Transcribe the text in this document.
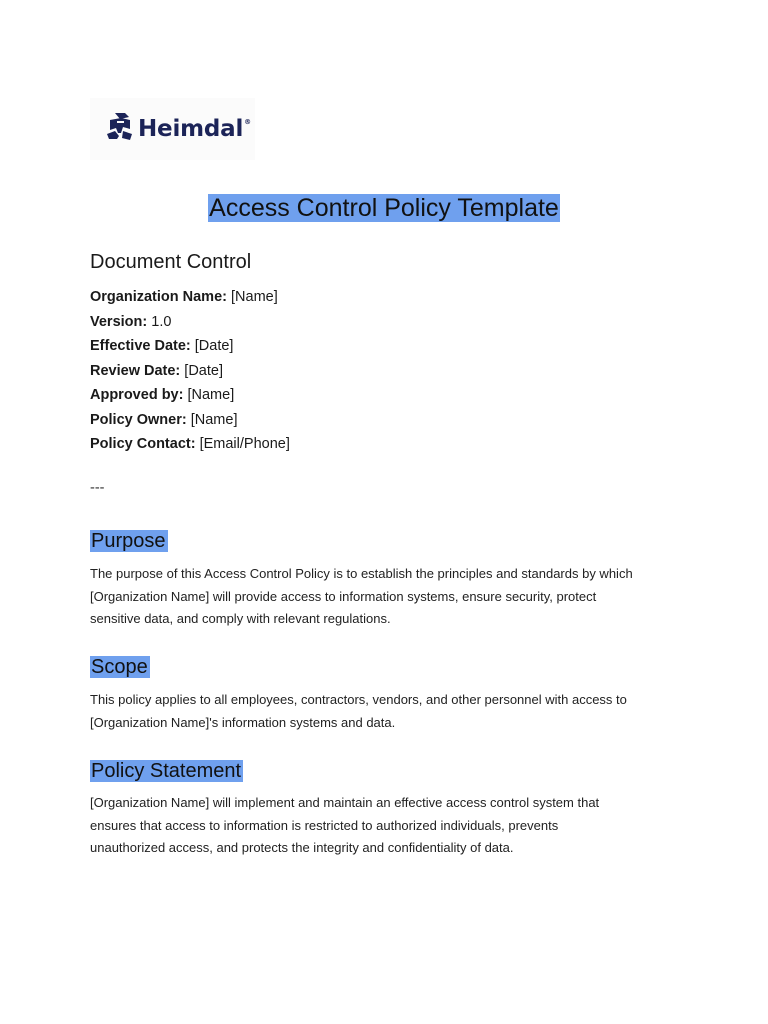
Heimdal®
Access Control Policy Template
Document Control
Organization Name: [Name]
Version: 1.0
Effective Date: [Date]
Review Date: [Date]
Approved by: [Name]
Policy Owner: [Name]
Policy Contact: [Email/Phone]
---
Purpose
The purpose of this Access Control Policy is to establish the principles and standards by which
[Organization Name] will provide access to information systems, ensure security, protect
sensitive data, and comply with relevant regulations.
Scope
This policy applies to all employees, contractors, vendors, and other personnel with access to
[Organization Name]'s information systems and data.
Policy Statement
[Organization Name] will implement and maintain an effective access control system that
ensures that access to information is restricted to authorized individuals, prevents
unauthorized access, and protects the integrity and confidentiality of data.
